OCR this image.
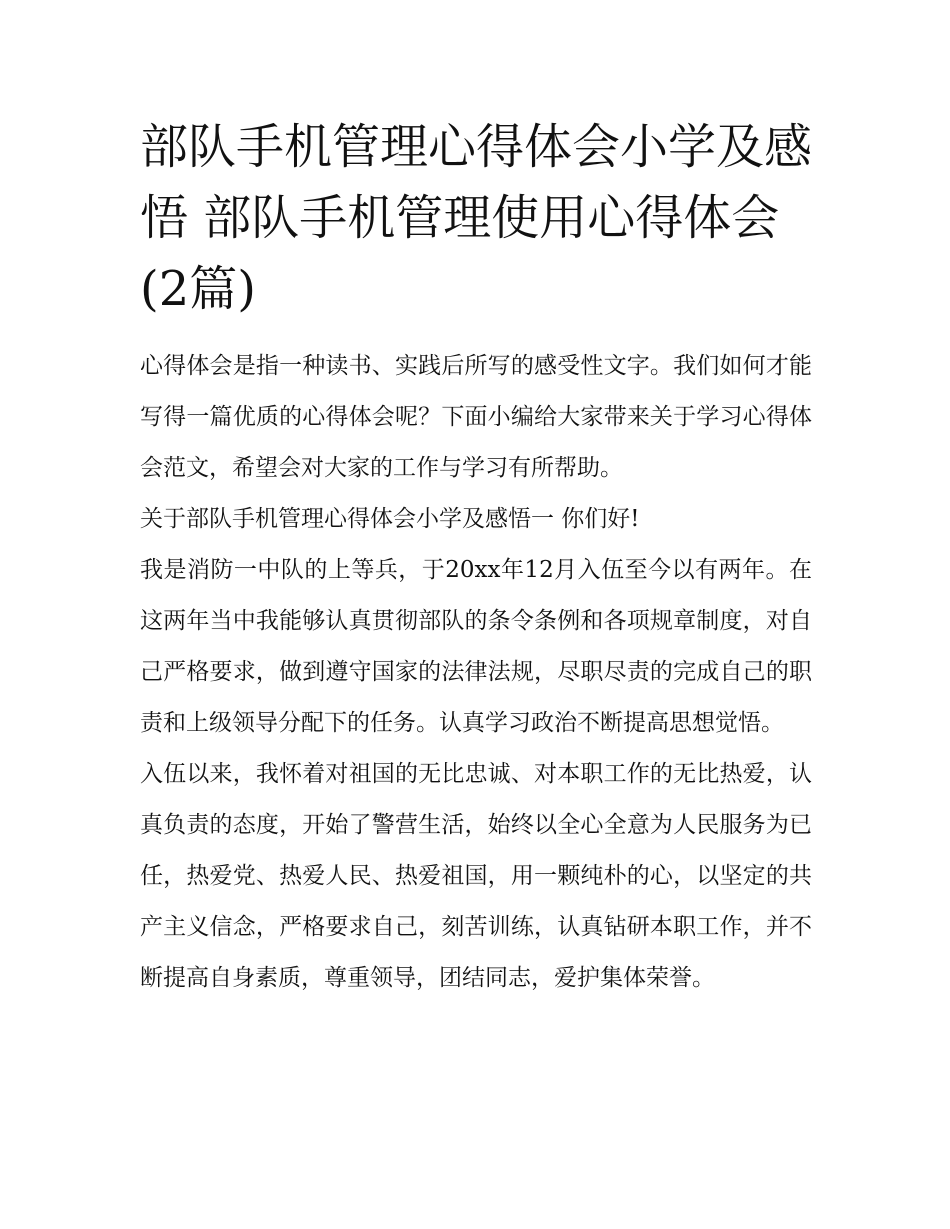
部队手机管理心得体会小学及感悟 部队手机管理使用心得体会(2篇)

心得体会是指一种读书、实践后所写的感受性文字。我们如何才能写得一篇优质的心得体会呢？下面小编给大家带来关于学习心得体会范文，希望会对大家的工作与学习有所帮助。

关于部队手机管理心得体会小学及感悟一 你们好!

我是消防一中队的上等兵，于20xx年12月入伍至今以有两年。在这两年当中我能够认真贯彻部队的条令条例和各项规章制度，对自己严格要求，做到遵守国家的法律法规，尽职尽责的完成自己的职责和上级领导分配下的任务。认真学习政治不断提高思想觉悟。

入伍以来，我怀着对祖国的无比忠诚、对本职工作的无比热爱，认真负责的态度，开始了警营生活，始终以全心全意为人民服务为已任，热爱党、热爱人民、热爱祖国，用一颗纯朴的心，以坚定的共产主义信念，严格要求自己，刻苦训练，认真钻研本职工作，并不断提高自身素质，尊重领导，团结同志，爱护集体荣誉。
